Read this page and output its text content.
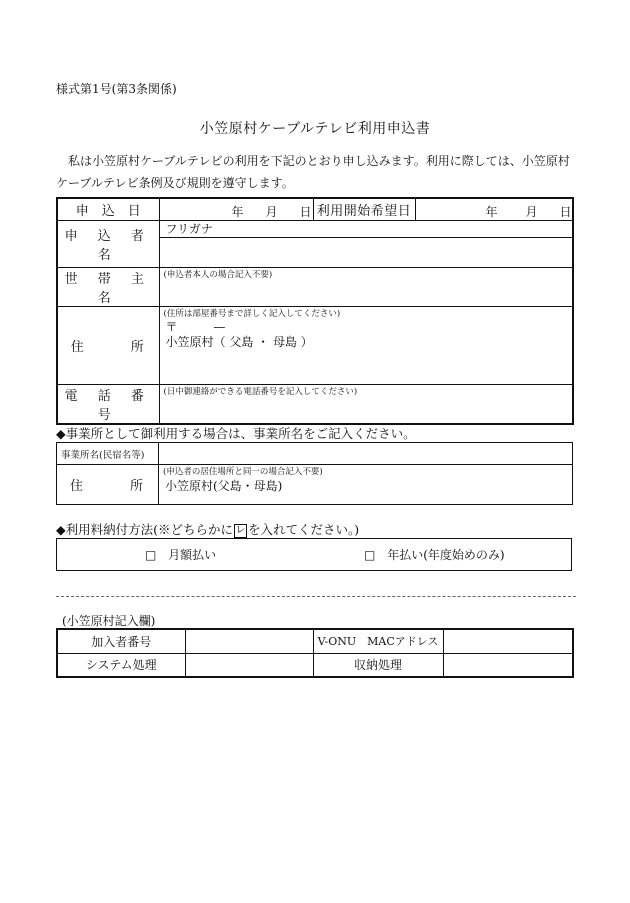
様式第1号(第3条関係)
小笠原村ケーブルテレビ利用申込書
私は小笠原村ケーブルテレビの利用を下記のとおり申し込みます。利用に際しては、小笠原村ケーブルテレビ条例及び規則を遵守します。
申　込　日	年 月 日	利用開始希望日	年 月 日

申 込 者 名	フリガナ		

世 帯 主 名	(申込者本人の場合記入不要)		

住　　　所	(住所は部屋番号まで詳しく記入してください)
〒 —
小笠原村（ 父島 ・ 母島 ）		

電 話 番 号	(日中御連絡ができる電話番号を記入してください)		
◆事業所として御利用する場合は、事業所名をご記入ください。
事業所名(民宿名等)	
住　　　所	(申込者の居住場所と同一の場合記入不要)
小笠原村(父島・母島)
◆利用料納付方法(※どちらかに レ を入れてください。)
□ 月額払い	□ 年払い(年度始めのみ)
(小笠原村記入欄)
加入者番号		V-ONU　MACアドレス	
システム処理		収納処理	
